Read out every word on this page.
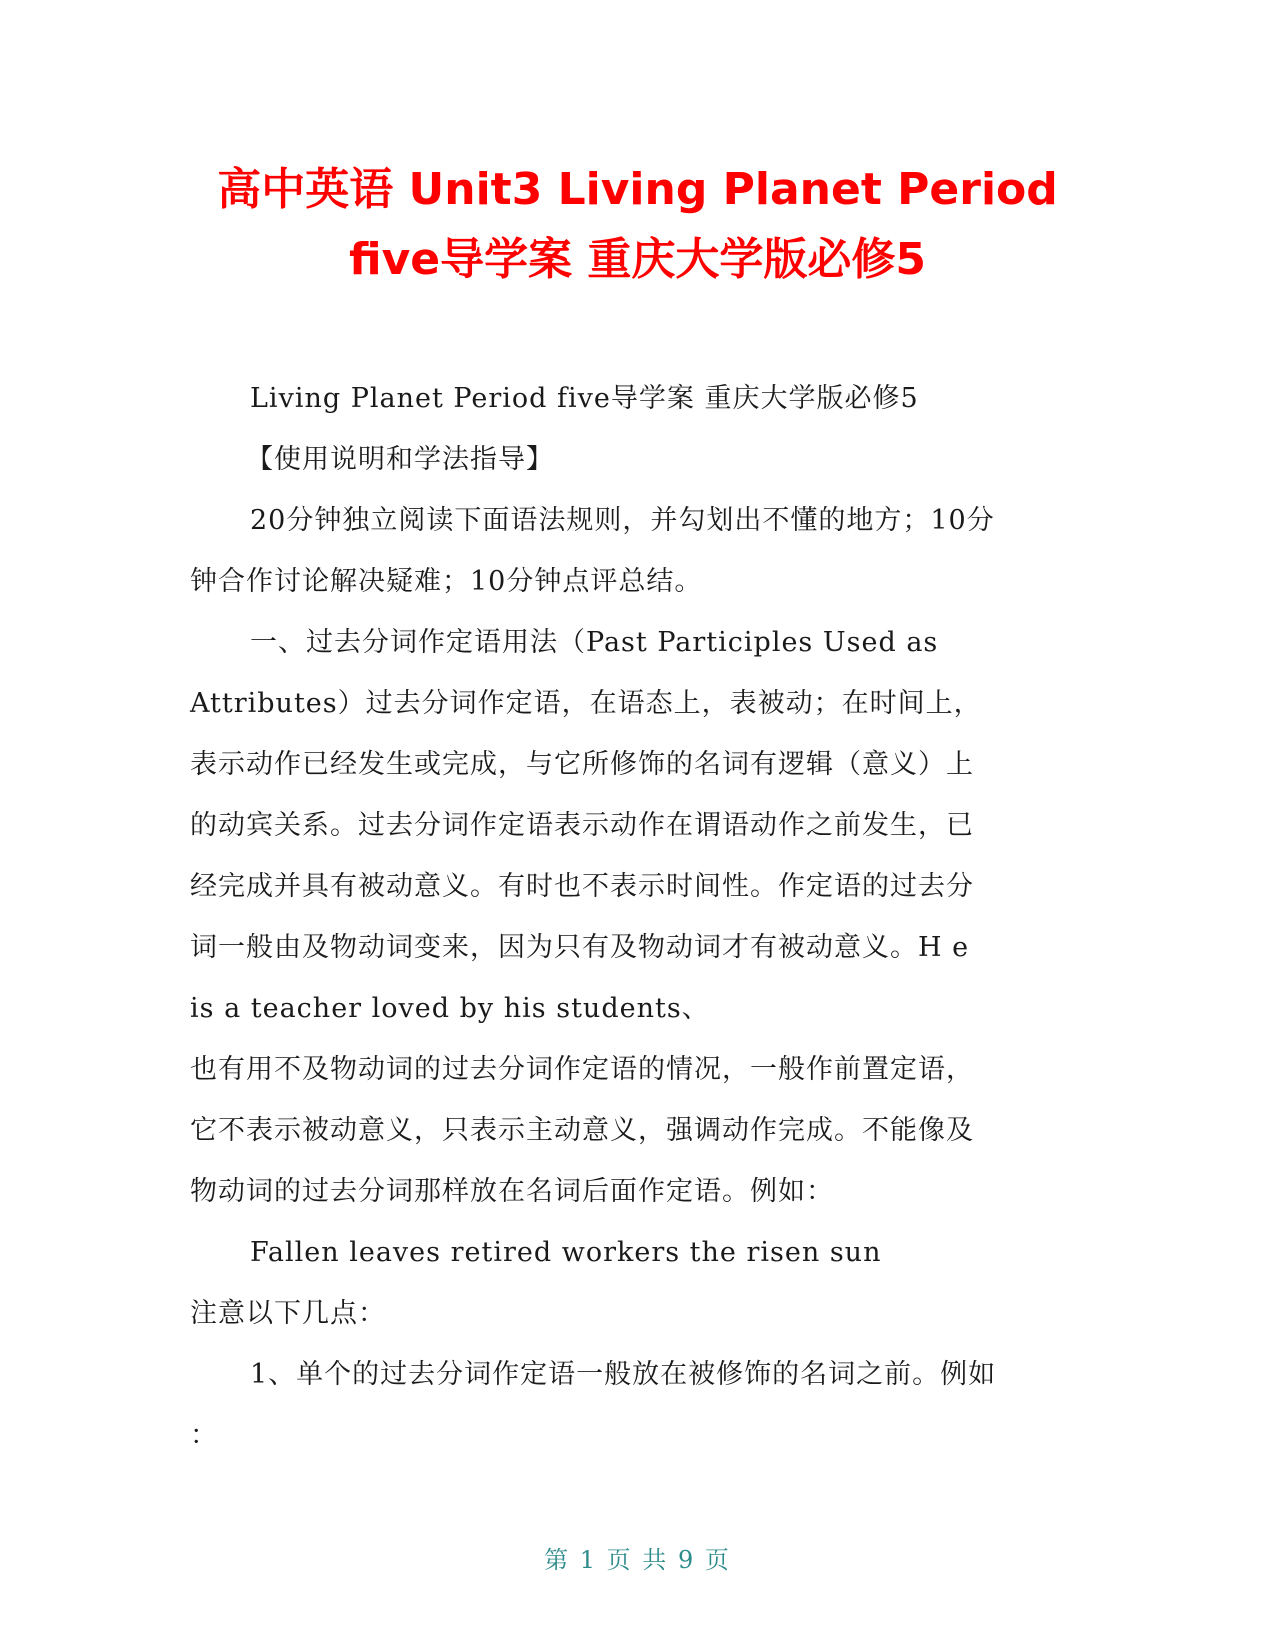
高中英语 Unit3 Living Planet Period
five导学案 重庆大学版必修5
Living Planet Period five导学案 重庆大学版必修5
【使用说明和学法指导】
20分钟独立阅读下面语法规则，并勾划出不懂的地方；10分
钟合作讨论解决疑难；10分钟点评总结。
一、过去分词作定语用法（Past Participles Used as
Attributes）过去分词作定语，在语态上，表被动；在时间上，
表示动作已经发生或完成，与它所修饰的名词有逻辑（意义）上
的动宾关系。过去分词作定语表示动作在谓语动作之前发生，已
经完成并具有被动意义。有时也不表示时间性。作定语的过去分
词一般由及物动词变来，因为只有及物动词才有被动意义。H e
is a teacher loved by his students、
也有用不及物动词的过去分词作定语的情况，一般作前置定语，
它不表示被动意义，只表示主动意义，强调动作完成。不能像及
物动词的过去分词那样放在名词后面作定语。例如：
Fallen leaves retired workers the risen sun
注意以下几点：
1、单个的过去分词作定语一般放在被修饰的名词之前。例如
：
第 1 页 共 9 页
